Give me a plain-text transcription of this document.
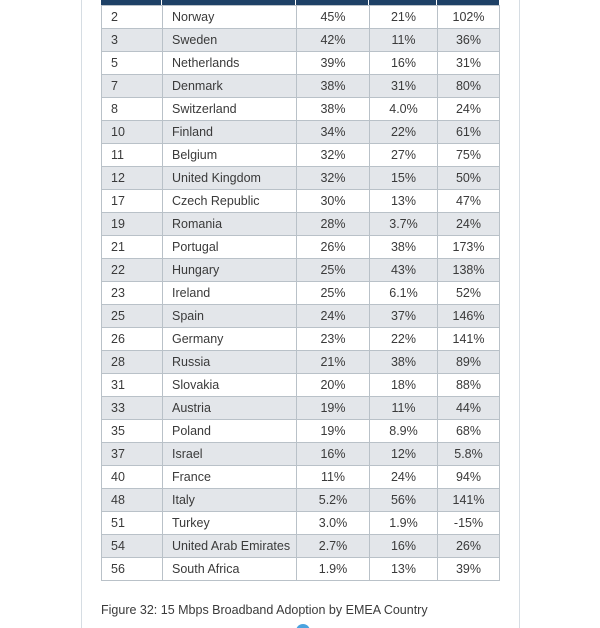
2	Norway	45%	21%	102%
3	Sweden	42%	11%	36%
5	Netherlands	39%	16%	31%
7	Denmark	38%	31%	80%
8	Switzerland	38%	4.0%	24%
10	Finland	34%	22%	61%
11	Belgium	32%	27%	75%
12	United Kingdom	32%	15%	50%
17	Czech Republic	30%	13%	47%
19	Romania	28%	3.7%	24%
21	Portugal	26%	38%	173%
22	Hungary	25%	43%	138%
23	Ireland	25%	6.1%	52%
25	Spain	24%	37%	146%
26	Germany	23%	22%	141%
28	Russia	21%	38%	89%
31	Slovakia	20%	18%	88%
33	Austria	19%	11%	44%
35	Poland	19%	8.9%	68%
37	Israel	16%	12%	5.8%
40	France	11%	24%	94%
48	Italy	5.2%	56%	141%
51	Turkey	3.0%	1.9%	-15%
54	United Arab Emirates	2.7%	16%	26%
56	South Africa	1.9%	13%	39%
Figure 32: 15 Mbps Broadband Adoption by EMEA Country
